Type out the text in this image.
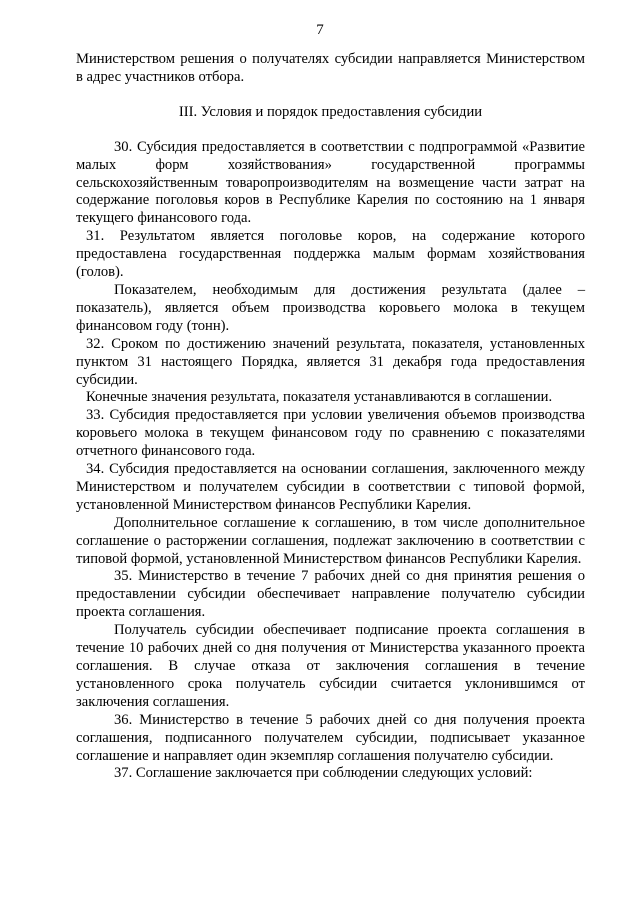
7

Министерством решения о получателях субсидии направляется Министерством в адрес участников отбора.

III. Условия и порядок предоставления субсидии

30. Субсидия предоставляется в соответствии с подпрограммой «Развитие малых форм хозяйствования» государственной программы сельскохозяйственным товаропроизводителям на возмещение части затрат на содержание поголовья коров в Республике Карелия по состоянию на 1 января текущего финансового года.

31. Результатом является поголовье коров, на содержание которого предоставлена государственная поддержка малым формам хозяйствования (голов).

Показателем, необходимым для достижения результата (далее – показатель), является объем производства коровьего молока в текущем финансовом году (тонн).

32. Сроком по достижению значений результата, показателя, установленных пунктом 31 настоящего Порядка, является 31 декабря года предоставления субсидии.

Конечные значения результата, показателя устанавливаются в соглашении.

33. Субсидия предоставляется при условии увеличения объемов производства коровьего молока в текущем финансовом году по сравнению с показателями отчетного финансового года.

34. Субсидия предоставляется на основании соглашения, заключенного между Министерством и получателем субсидии в соответствии с типовой формой, установленной Министерством финансов Республики Карелия.

Дополнительное соглашение к соглашению, в том числе дополнительное соглашение о расторжении соглашения, подлежат заключению в соответствии с типовой формой, установленной Министерством финансов Республики Карелия.

35. Министерство в течение 7 рабочих дней со дня принятия решения о предоставлении субсидии обеспечивает направление получателю субсидии проекта соглашения.

Получатель субсидии обеспечивает подписание проекта соглашения в течение 10 рабочих дней со дня получения от Министерства указанного проекта соглашения. В случае отказа от заключения соглашения в течение установленного срока получатель субсидии считается уклонившимся от заключения соглашения.

36. Министерство в течение 5 рабочих дней со дня получения проекта соглашения, подписанного получателем субсидии, подписывает указанное соглашение и направляет один экземпляр соглашения получателю субсидии.

37. Соглашение заключается при соблюдении следующих условий:
